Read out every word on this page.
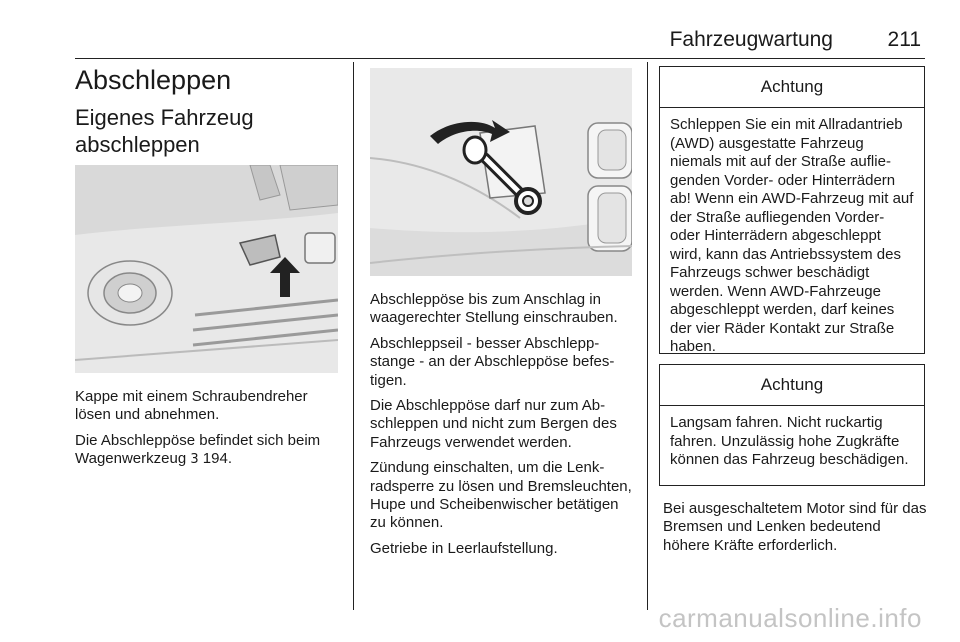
Fahrzeugwartung	211
Abschleppen
Eigenes Fahrzeug abschleppen

Kappe mit einem Schraubendreher lösen und abnehmen.

Die Abschleppöse befindet sich beim Wagenwerkzeug 3 194.

Abschleppöse bis zum Anschlag in waagerechter Stellung einschrauben.

Abschleppseil - besser Abschleppstange - an der Abschleppöse befestigen.

Die Abschleppöse darf nur zum Abschleppen und nicht zum Bergen des Fahrzeugs verwendet werden.

Zündung einschalten, um die Lenkradsperre zu lösen und Bremsleuchten, Hupe und Scheibenwischer betätigen zu können.

Getriebe in Leerlaufstellung.

Achtung
Schleppen Sie ein mit Allradantrieb (AWD) ausgestatte Fahrzeug niemals mit auf der Straße aufliegenden Vorder- oder Hinterrädern ab! Wenn ein AWD-Fahrzeug mit auf der Straße aufliegenden Vorder- oder Hinterrädern abgeschleppt wird, kann das Antriebssystem des Fahrzeugs schwer beschädigt werden. Wenn AWD-Fahrzeuge abgeschleppt werden, darf keines der vier Räder Kontakt zur Straße haben.
Achtung
Langsam fahren. Nicht ruckartig fahren. Unzulässig hohe Zugkräfte können das Fahrzeug beschädigen.

Bei ausgeschaltetem Motor sind für das Bremsen und Lenken bedeutend höhere Kräfte erforderlich.

carmanualsonline.info
